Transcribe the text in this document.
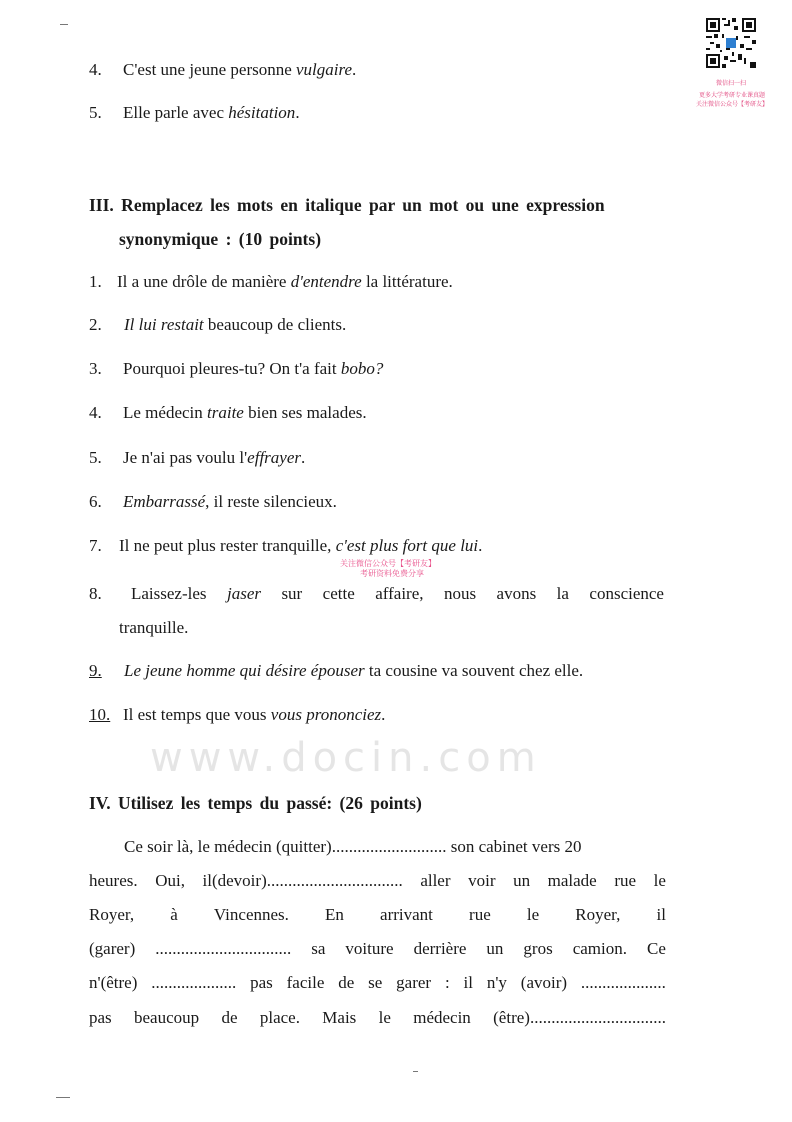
微信扫一扫
更多大学考研专业课真题
关注微信公众号【考研友】
4. C'est une jeune personne vulgaire.
5. Elle parle avec hésitation.
III. Remplacez les mots en italique par un mot ou une expression
synonymique : (10 points)
1. Il a une drôle de manière d'entendre la littérature.
2. Il lui restait beaucoup de clients.
3. Pourquoi pleures-tu? On t'a fait bobo?
4. Le médecin traite bien ses malades.
5. Je n'ai pas voulu l'effrayer.
6. Embarrassé, il reste silencieux.
7. Il ne peut plus rester tranquille, c'est plus fort que lui.
关注微信公众号【考研友】
考研资料免费分享
8. Laissez-les jaser sur cette affaire, nous avons la conscience
tranquille.
9. Le jeune homme qui désire épouser ta cousine va souvent chez elle.
10. Il est temps que vous vous prononciez.
www.docin.com
IV. Utilisez les temps du passé: (26 points)
Ce soir là, le médecin (quitter)........................... son cabinet vers 20
heures. Oui, il(devoir)................................ aller voir un malade rue le
Royer, à Vincennes. En arrivant rue le Royer, il
(garer) ................................ sa voiture derrière un gros camion. Ce
n'(être) .................... pas facile de se garer : il n'y (avoir) ....................
pas beaucoup de place. Mais le médecin (être)................................
